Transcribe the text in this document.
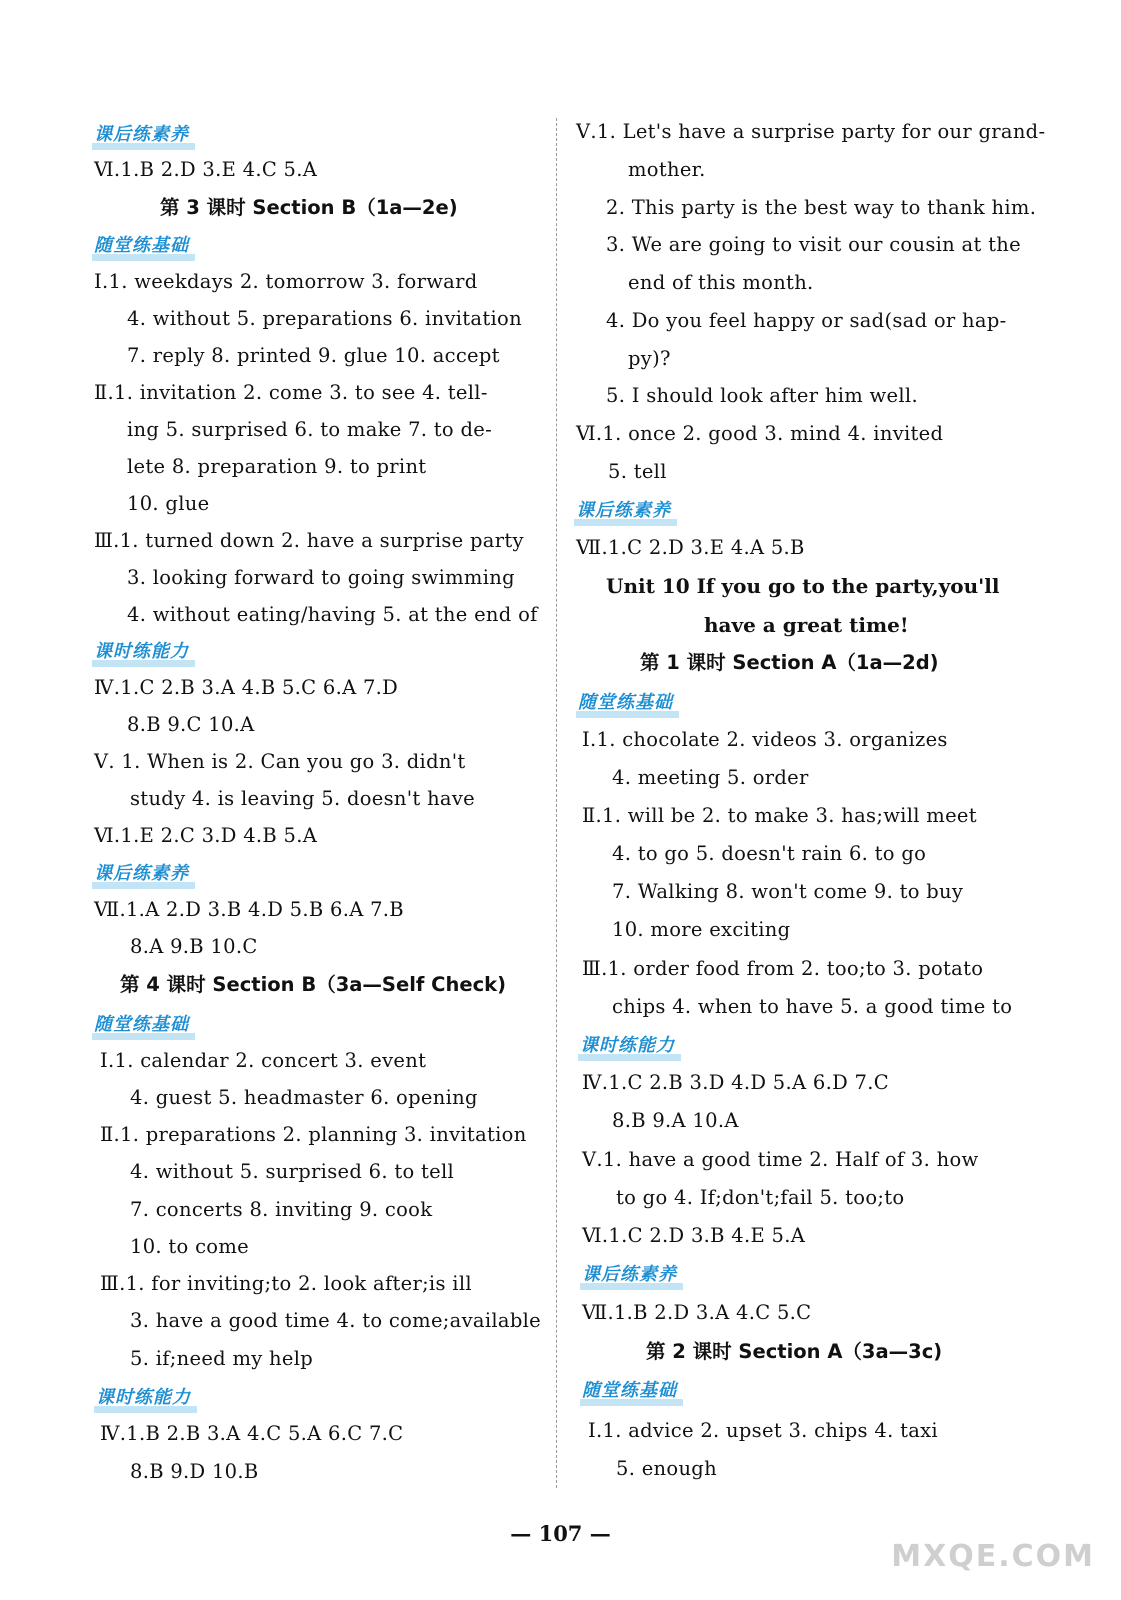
课后练素养
Ⅵ.1.B 2.D 3.E 4.C 5.A
第 3 课时 Section B（1a—2e)
随堂练基础
Ⅰ.1. weekdays 2. tomorrow 3. forward
4. without 5. preparations 6. invitation
7. reply 8. printed 9. glue 10. accept
Ⅱ.1. invitation 2. come 3. to see 4. tell-
ing 5. surprised 6. to make 7. to de-
lete 8. preparation 9. to print
10. glue
Ⅲ.1. turned down 2. have a surprise party
3. looking forward to going swimming
4. without eating/having 5. at the end of
课时练能力
Ⅳ.1.C 2.B 3.A 4.B 5.C 6.A 7.D
8.B 9.C 10.A
Ⅴ. 1. When is 2. Can you go 3. didn't
study 4. is leaving 5. doesn't have
Ⅵ.1.E 2.C 3.D 4.B 5.A
课后练素养
Ⅶ.1.A 2.D 3.B 4.D 5.B 6.A 7.B
8.A 9.B 10.C
第 4 课时 Section B（3a—Self Check)
随堂练基础
Ⅰ.1. calendar 2. concert 3. event
4. guest 5. headmaster 6. opening
Ⅱ.1. preparations 2. planning 3. invitation
4. without 5. surprised 6. to tell
7. concerts 8. inviting 9. cook
10. to come
Ⅲ.1. for inviting;to 2. look after;is ill
3. have a good time 4. to come;available
5. if;need my help
课时练能力
Ⅳ.1.B 2.B 3.A 4.C 5.A 6.C 7.C
8.B 9.D 10.B
Ⅴ.1. Let's have a surprise party for our grand-
mother.
2. This party is the best way to thank him.
3. We are going to visit our cousin at the
end of this month.
4. Do you feel happy or sad(sad or hap-
py)?
5. I should look after him well.
Ⅵ.1. once 2. good 3. mind 4. invited
5. tell
课后练素养
Ⅶ.1.C 2.D 3.E 4.A 5.B
Unit 10 If you go to the party,you'll
have a great time!
第 1 课时 Section A（1a—2d)
随堂练基础
Ⅰ.1. chocolate 2. videos 3. organizes
4. meeting 5. order
Ⅱ.1. will be 2. to make 3. has;will meet
4. to go 5. doesn't rain 6. to go
7. Walking 8. won't come 9. to buy
10. more exciting
Ⅲ.1. order food from 2. too;to 3. potato
chips 4. when to have 5. a good time to
课时练能力
Ⅳ.1.C 2.B 3.D 4.D 5.A 6.D 7.C
8.B 9.A 10.A
Ⅴ.1. have a good time 2. Half of 3. how
to go 4. If;don't;fail 5. too;to
Ⅵ.1.C 2.D 3.B 4.E 5.A
课后练素养
Ⅶ.1.B 2.D 3.A 4.C 5.C
第 2 课时 Section A（3a—3c)
随堂练基础
Ⅰ.1. advice 2. upset 3. chips 4. taxi
5. enough
— 107 —
MXQE.COM
